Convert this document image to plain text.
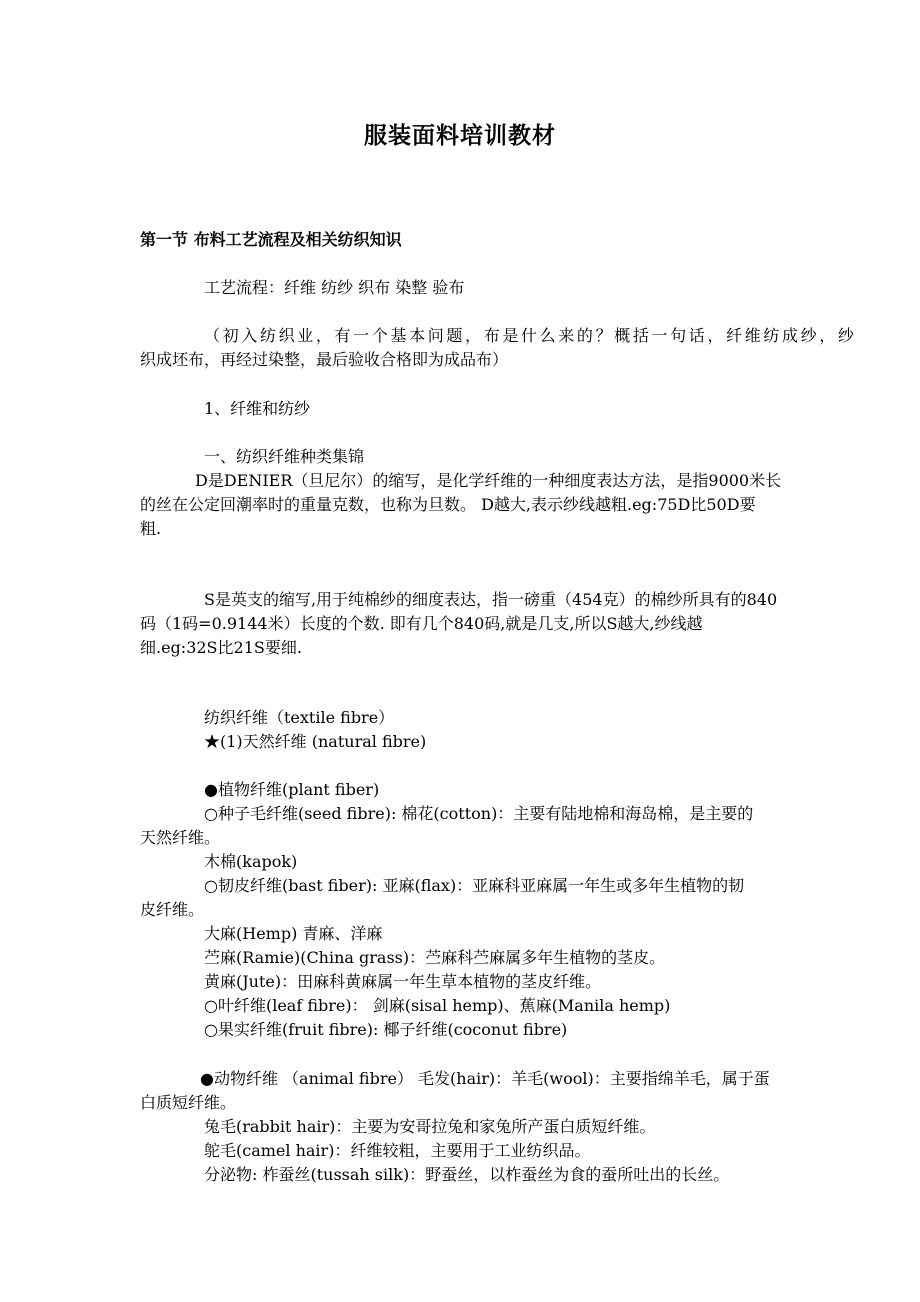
服装面料培训教材
第一节 布料工艺流程及相关纺织知识
工艺流程：纤维 纺纱 织布 染整 验布
（初入纺织业，有一个基本问题，布是什么来的？概括一句话，纤维纺成纱，纱
织成坯布，再经过染整，最后验收合格即为成品布）
1、纤维和纺纱
一、纺织纤维种类集锦
D是DENIER（旦尼尔）的缩写，是化学纤维的一种细度表达方法，是指9000米长
的丝在公定回潮率时的重量克数，也称为旦数。 D越大,表示纱线越粗.eg:75D比50D要
粗.
S是英支的缩写,用于纯棉纱的细度表达，指一磅重（454克）的棉纱所具有的840
码（1码=0.9144米）长度的个数. 即有几个840码,就是几支,所以S越大,纱线越
细.eg:32S比21S要细.
纺织纤维（textile fibre）
★(1)天然纤维 (natural fibre)
●植物纤维(plant fiber)
○种子毛纤维(seed fibre): 棉花(cotton)：主要有陆地棉和海岛棉，是主要的
天然纤维。
木棉(kapok)
○韧皮纤维(bast fiber): 亚麻(flax)：亚麻科亚麻属一年生或多年生植物的韧
皮纤维。
大麻(Hemp) 青麻、洋麻
苎麻(Ramie)(China grass)：苎麻科苎麻属多年生植物的茎皮。
黄麻(Jute)：田麻科黄麻属一年生草本植物的茎皮纤维。
○叶纤维(leaf fibre)： 剑麻(sisal hemp)、蕉麻(Manila hemp)
○果实纤维(fruit fibre): 椰子纤维(coconut fibre)
●动物纤维 （animal fibre） 毛发(hair)：羊毛(wool)：主要指绵羊毛，属于蛋
白质短纤维。
兔毛(rabbit hair)：主要为安哥拉兔和家兔所产蛋白质短纤维。
鸵毛(camel hair)：纤维较粗，主要用于工业纺织品。
分泌物: 柞蚕丝(tussah silk)：野蚕丝，以柞蚕丝为食的蚕所吐出的长丝。
